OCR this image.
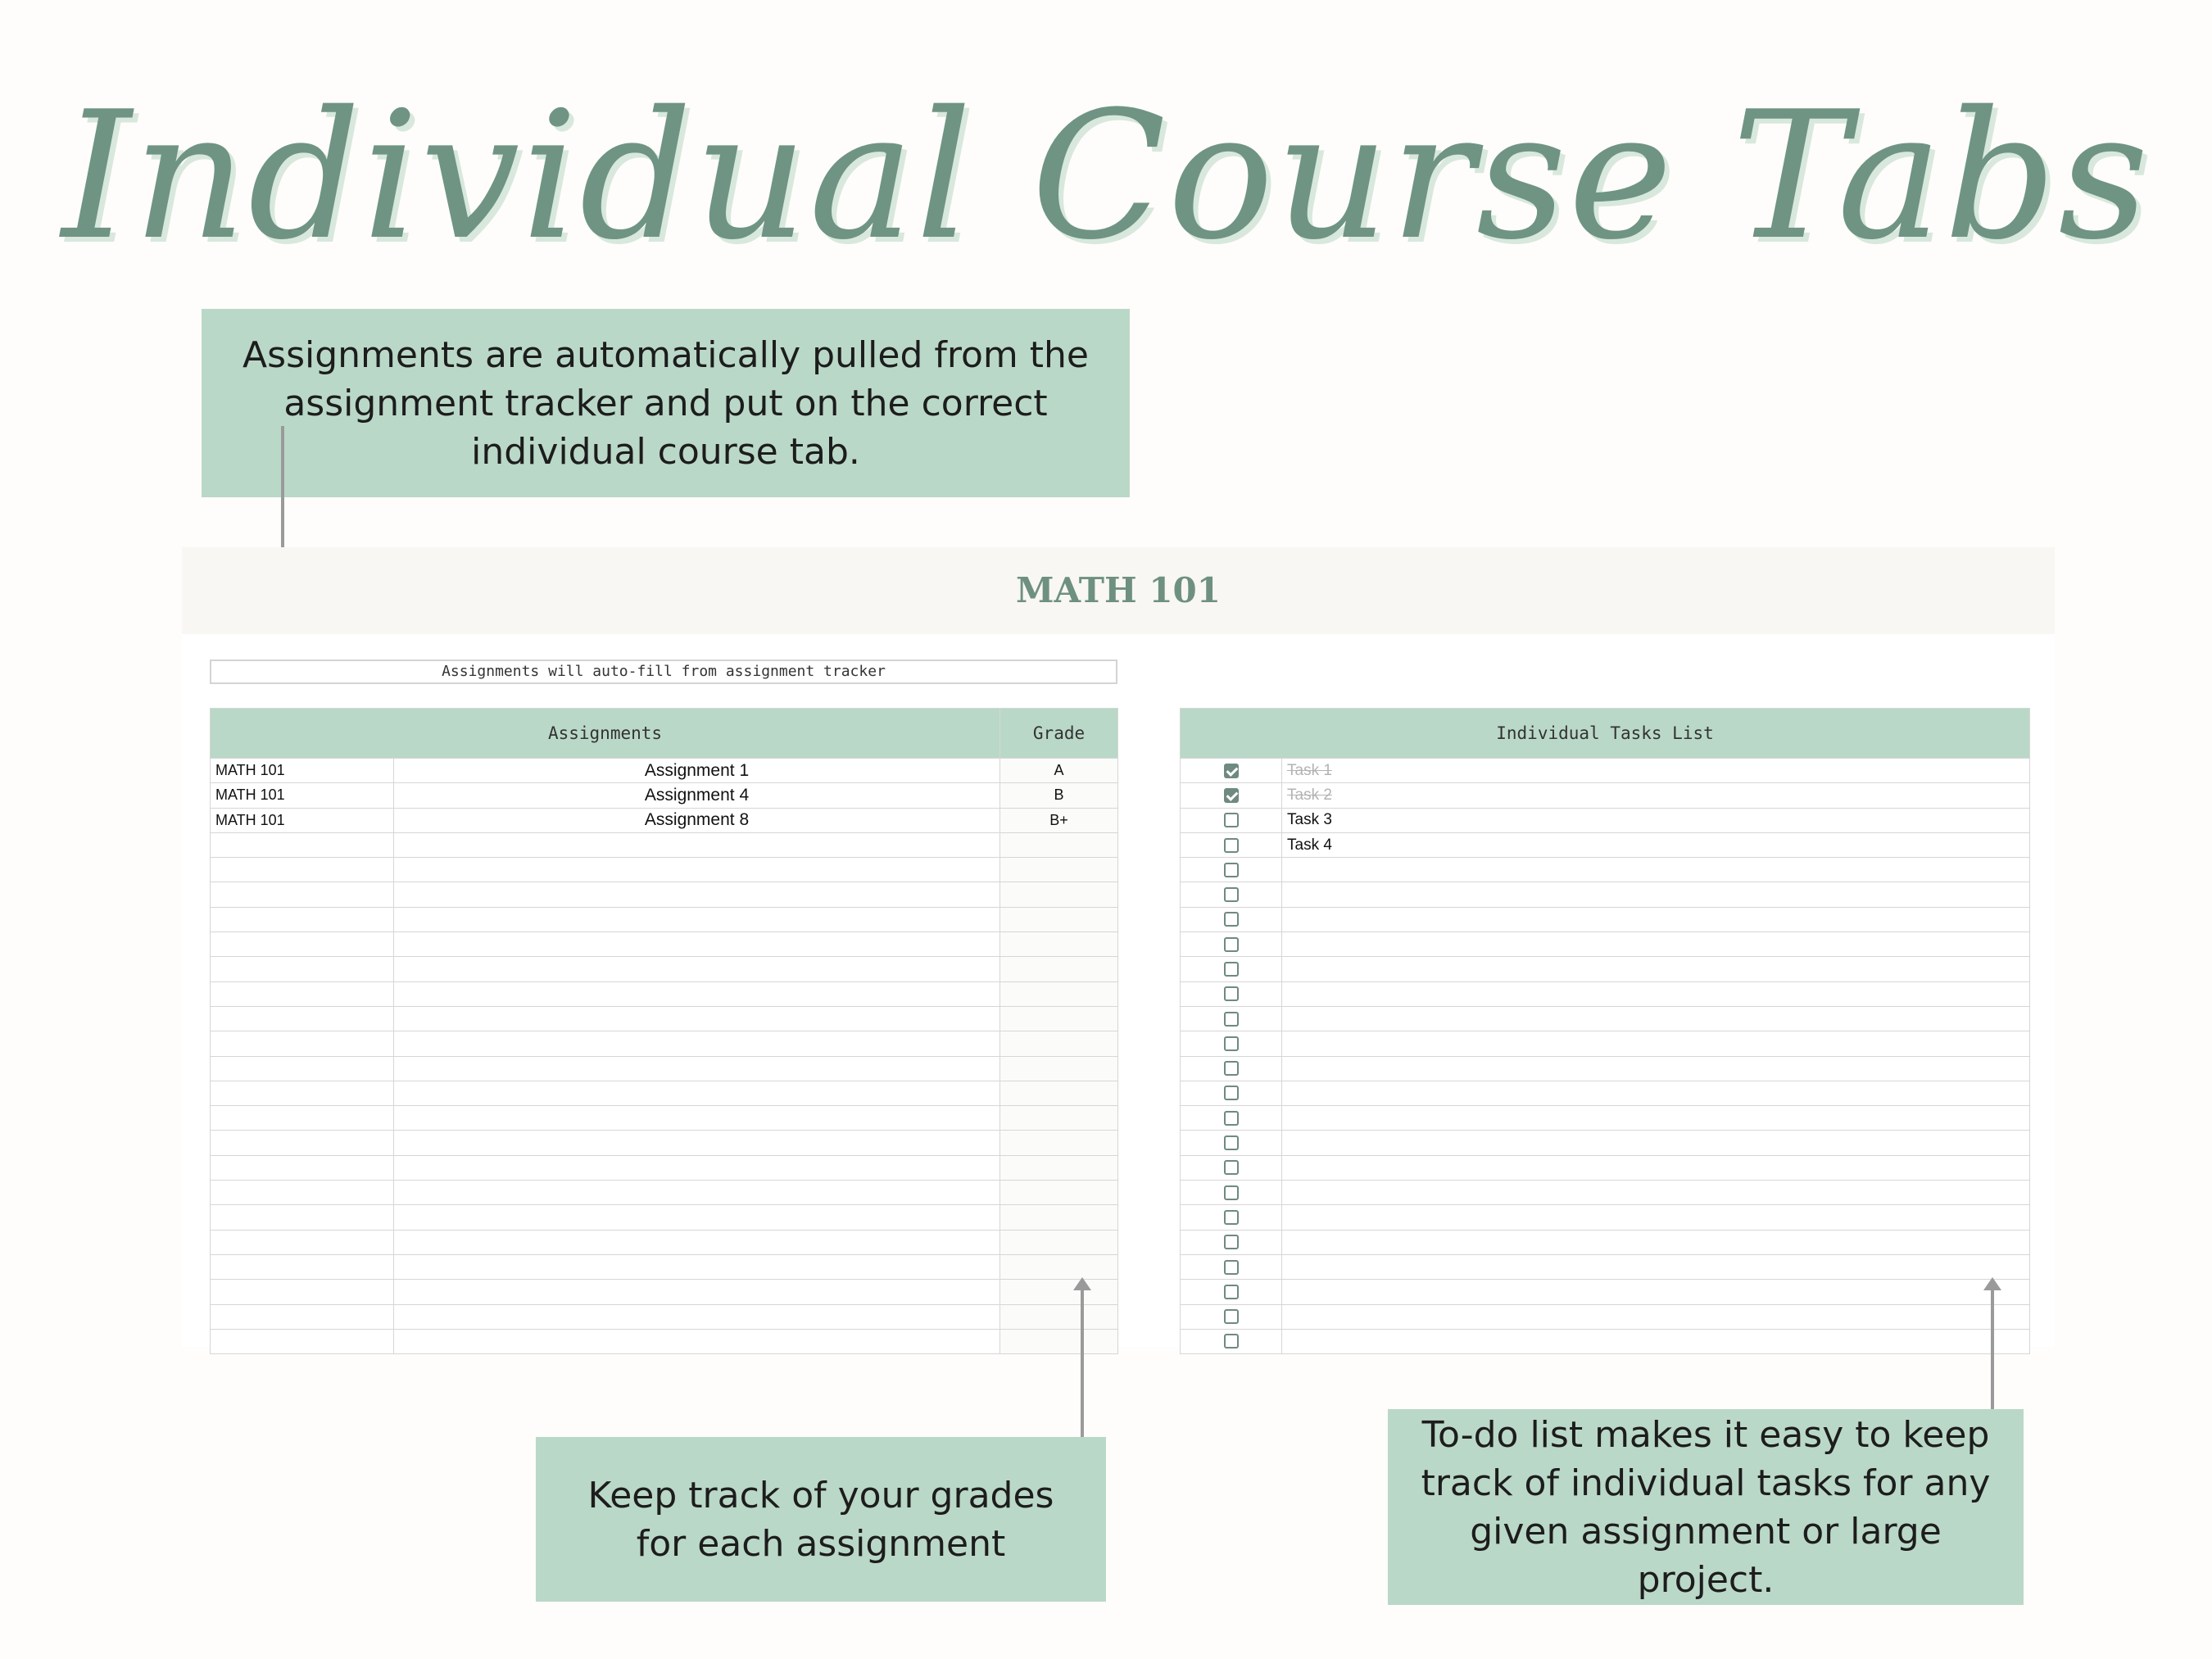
Individual Course Tabs
Assignments are automatically pulled from the assignment tracker and put on the correct individual course tab.
MATH 101
Assignments will auto-fill from assignment tracker
Assignments		Grade
MATH 101	Assignment 1	A
MATH 101	Assignment 4	B
MATH 101	Assignment 8	B+

Individual Tasks List	
	Task 1
	Task 2
	Task 3
	Task 4

Keep track of your grades for each assignment
To-do list makes it easy to keep track of individual tasks for any given assignment or large project.
